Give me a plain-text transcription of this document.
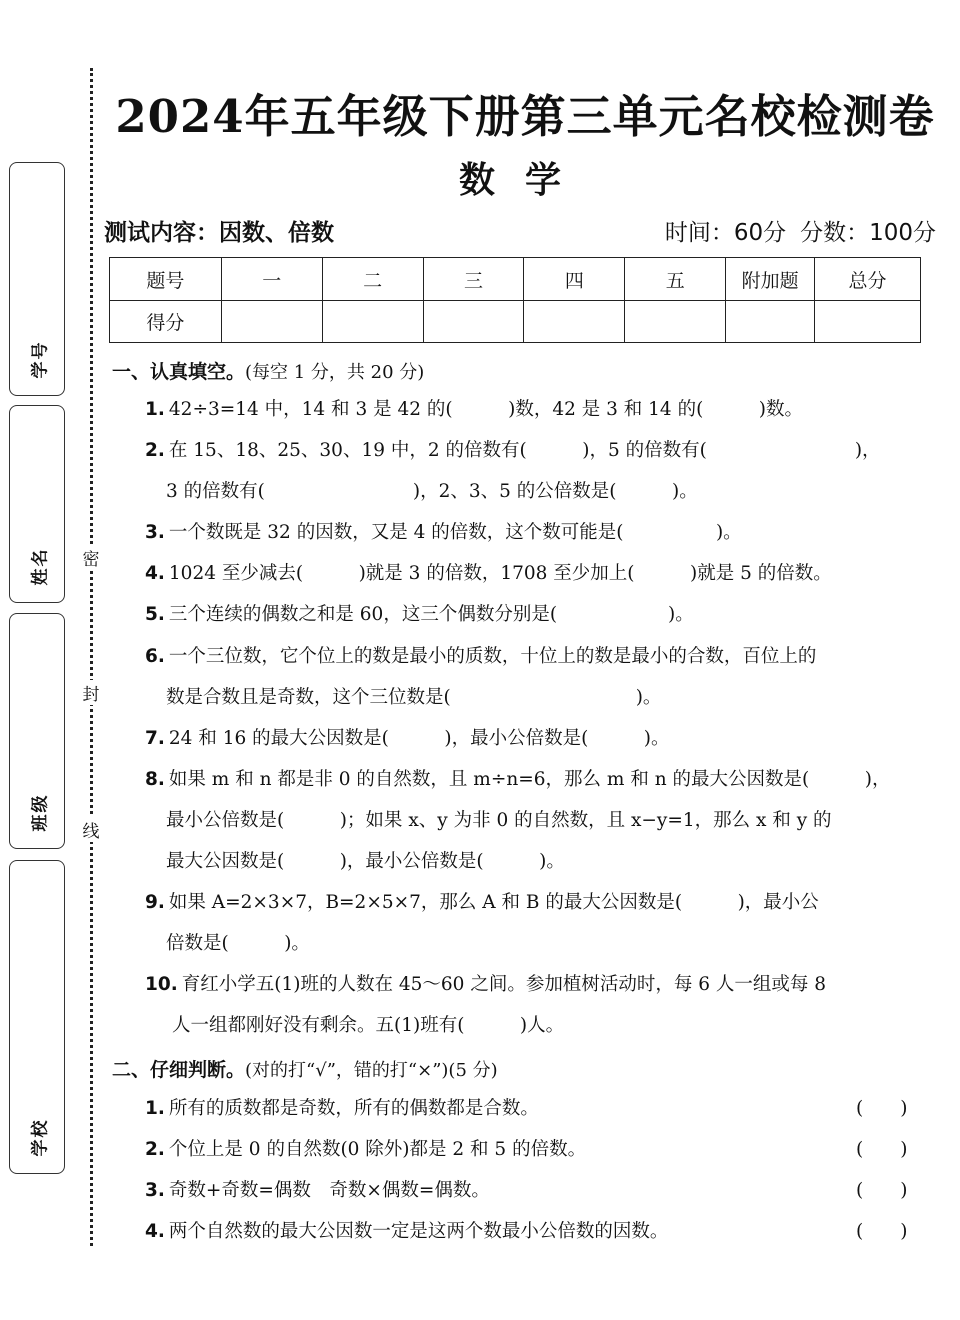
密
封
线
学号
姓名
班级
学校
2024年五年级下册第三单元名校检测卷
数学
测试内容：因数、倍数	时间：60分 分数：100分
题号	一	二	三	四	五	附加题	总分
得分							
一、认真填空。(每空 1 分，共 20 分)
1. 42÷3=14 中，14 和 3 是 42 的(　　　)数，42 是 3 和 14 的(　　　)数。
2. 在 15、18、25、30、19 中，2 的倍数有(　　　)，5 的倍数有(　　　　　　　　)，
3 的倍数有(　　　　　　　　)，2、3、5 的公倍数是(　　　)。
3. 一个数既是 32 的因数，又是 4 的倍数，这个数可能是(　　　　　)。
4. 1024 至少减去(　　　)就是 3 的倍数，1708 至少加上(　　　)就是 5 的倍数。
5. 三个连续的偶数之和是 60，这三个偶数分别是(　　　　　　)。
6. 一个三位数，它个位上的数是最小的质数，十位上的数是最小的合数，百位上的
数是合数且是奇数，这个三位数是(　　　　　　　　　　)。
7. 24 和 16 的最大公因数是(　　　)，最小公倍数是(　　　)。
8. 如果 m 和 n 都是非 0 的自然数，且 m÷n=6，那么 m 和 n 的最大公因数是(　　　)，
最小公倍数是(　　　)；如果 x、y 为非 0 的自然数，且 x−y=1，那么 x 和 y 的
最大公因数是(　　　)，最小公倍数是(　　　)。
9. 如果 A=2×3×7，B=2×5×7，那么 A 和 B 的最大公因数是(　　　)，最小公
倍数是(　　　)。
10. 育红小学五(1)班的人数在 45～60 之间。参加植树活动时，每 6 人一组或每 8
人一组都刚好没有剩余。五(1)班有(　　　)人。
二、仔细判断。(对的打“√”，错的打“×”)(5 分)
1. 所有的质数都是奇数，所有的偶数都是合数。	(　　)
2. 个位上是 0 的自然数(0 除外)都是 2 和 5 的倍数。	(　　)
3. 奇数+奇数=偶数　奇数×偶数=偶数。	(　　)
4. 两个自然数的最大公因数一定是这两个数最小公倍数的因数。	(　　)
